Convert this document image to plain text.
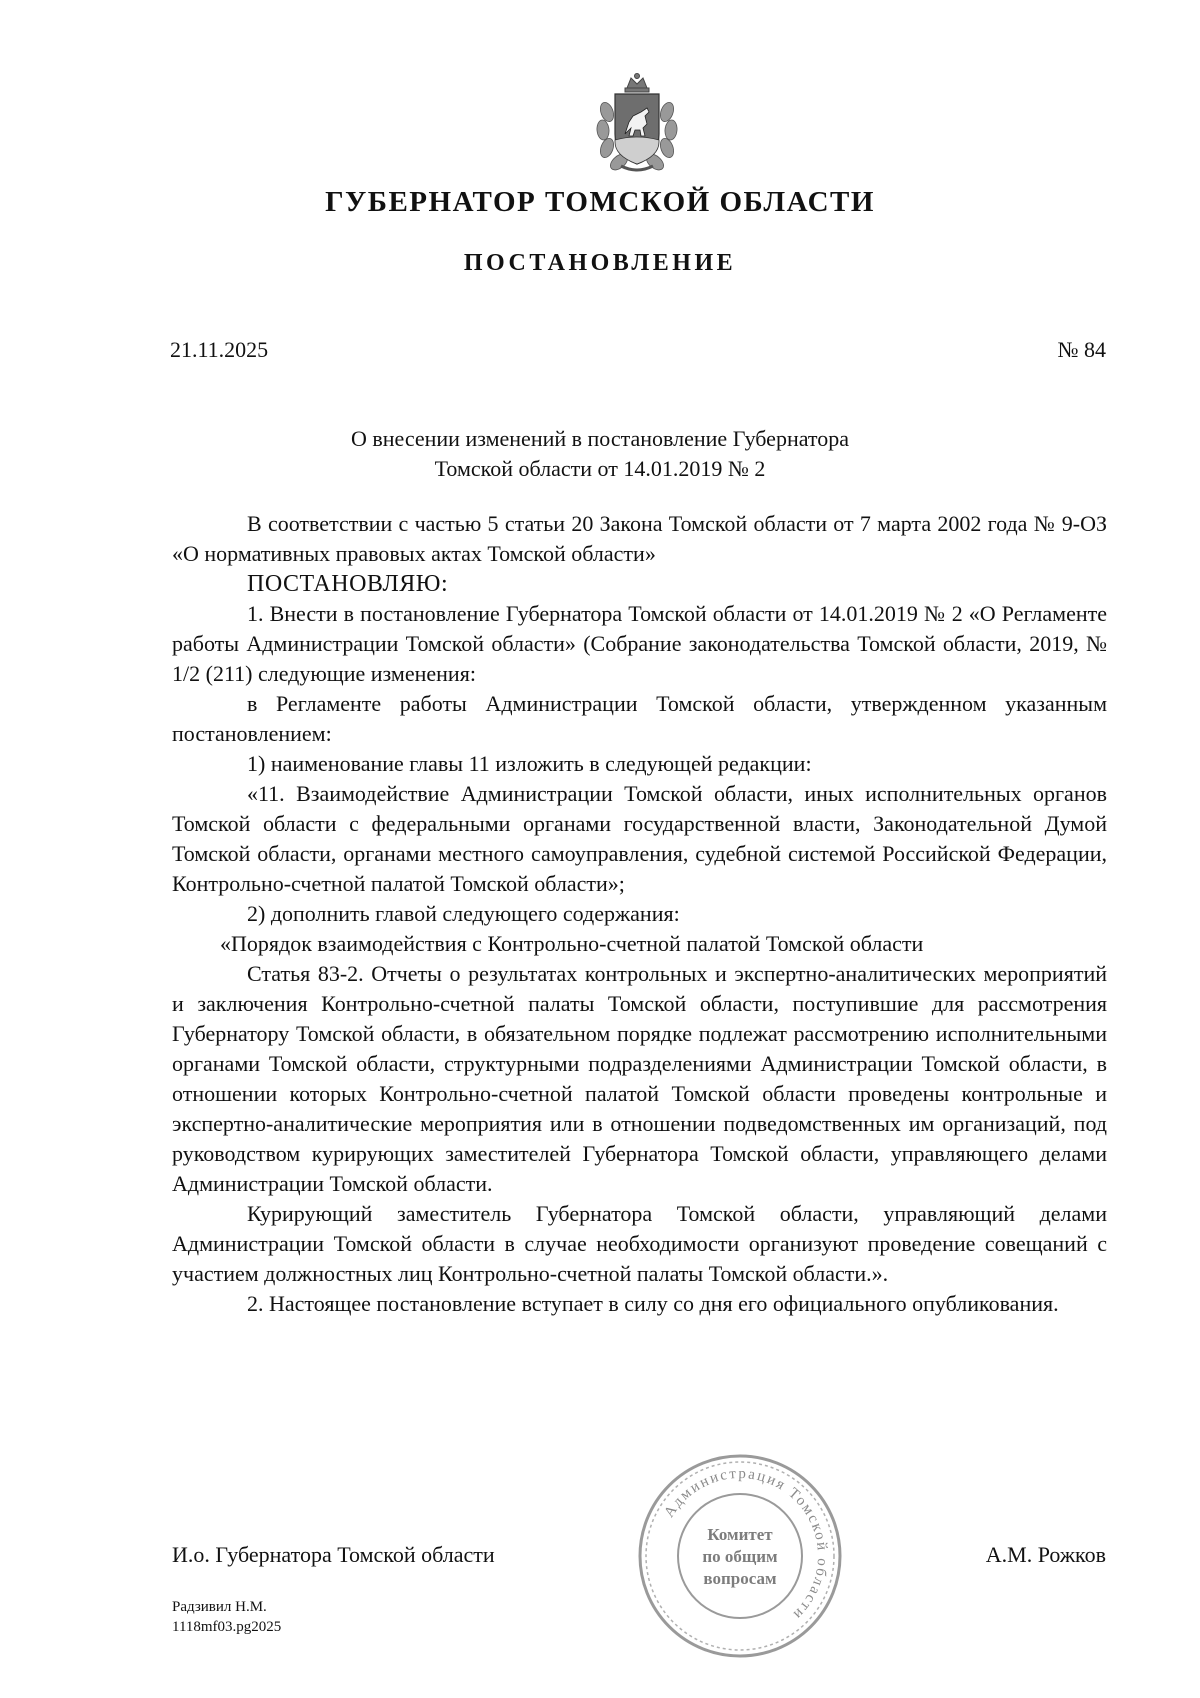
ГУБЕРНАТОР ТОМСКОЙ ОБЛАСТИ
ПОСТАНОВЛЕНИЕ
21.11.2025	№ 84
О внесении изменений в постановление Губернатора
Томской области от 14.01.2019 № 2

В соответствии с частью 5 статьи 20 Закона Томской области от 7 марта 2002 года № 9-ОЗ «О нормативных правовых актах Томской области»

ПОСТАНОВЛЯЮ:

1. Внести в постановление Губернатора Томской области от 14.01.2019 № 2 «О Регламенте работы Администрации Томской области» (Собрание законодательства Томской области, 2019, № 1/2 (211) следующие изменения:

в Регламенте работы Администрации Томской области, утвержденном указанным постановлением:

1) наименование главы 11 изложить в следующей редакции:

«11. Взаимодействие Администрации Томской области, иных исполнительных органов Томской области с федеральными органами государственной власти, Законодательной Думой Томской области, органами местного самоуправления, судебной системой Российской Федерации, Контрольно-счетной палатой Томской области»;

2) дополнить главой следующего содержания:

«Порядок взаимодействия с Контрольно-счетной палатой Томской области

Статья 83-2. Отчеты о результатах контрольных и экспертно-аналитических мероприятий и заключения Контрольно-счетной палаты Томской области, поступившие для рассмотрения Губернатору Томской области, в обязательном порядке подлежат рассмотрению исполнительными органами Томской области, структурными подразделениями Администрации Томской области, в отношении которых Контрольно-счетной палатой Томской области проведены контрольные и экспертно-аналитические мероприятия или в отношении подведомственных им организаций, под руководством курирующих заместителей Губернатора Томской области, управляющего делами Администрации Томской области.

Курирующий заместитель Губернатора Томской области, управляющий делами Администрации Томской области в случае необходимости организуют проведение совещаний с участием должностных лиц Контрольно-счетной палаты Томской области.».

2. Настоящее постановление вступает в силу со дня его официального опубликования.

И.о. Губернатора Томской области	А.М. Рожков
Администрация Томской области
Комитет
по общим
вопросам
Радзивил Н.М.
1118mf03.pg2025
